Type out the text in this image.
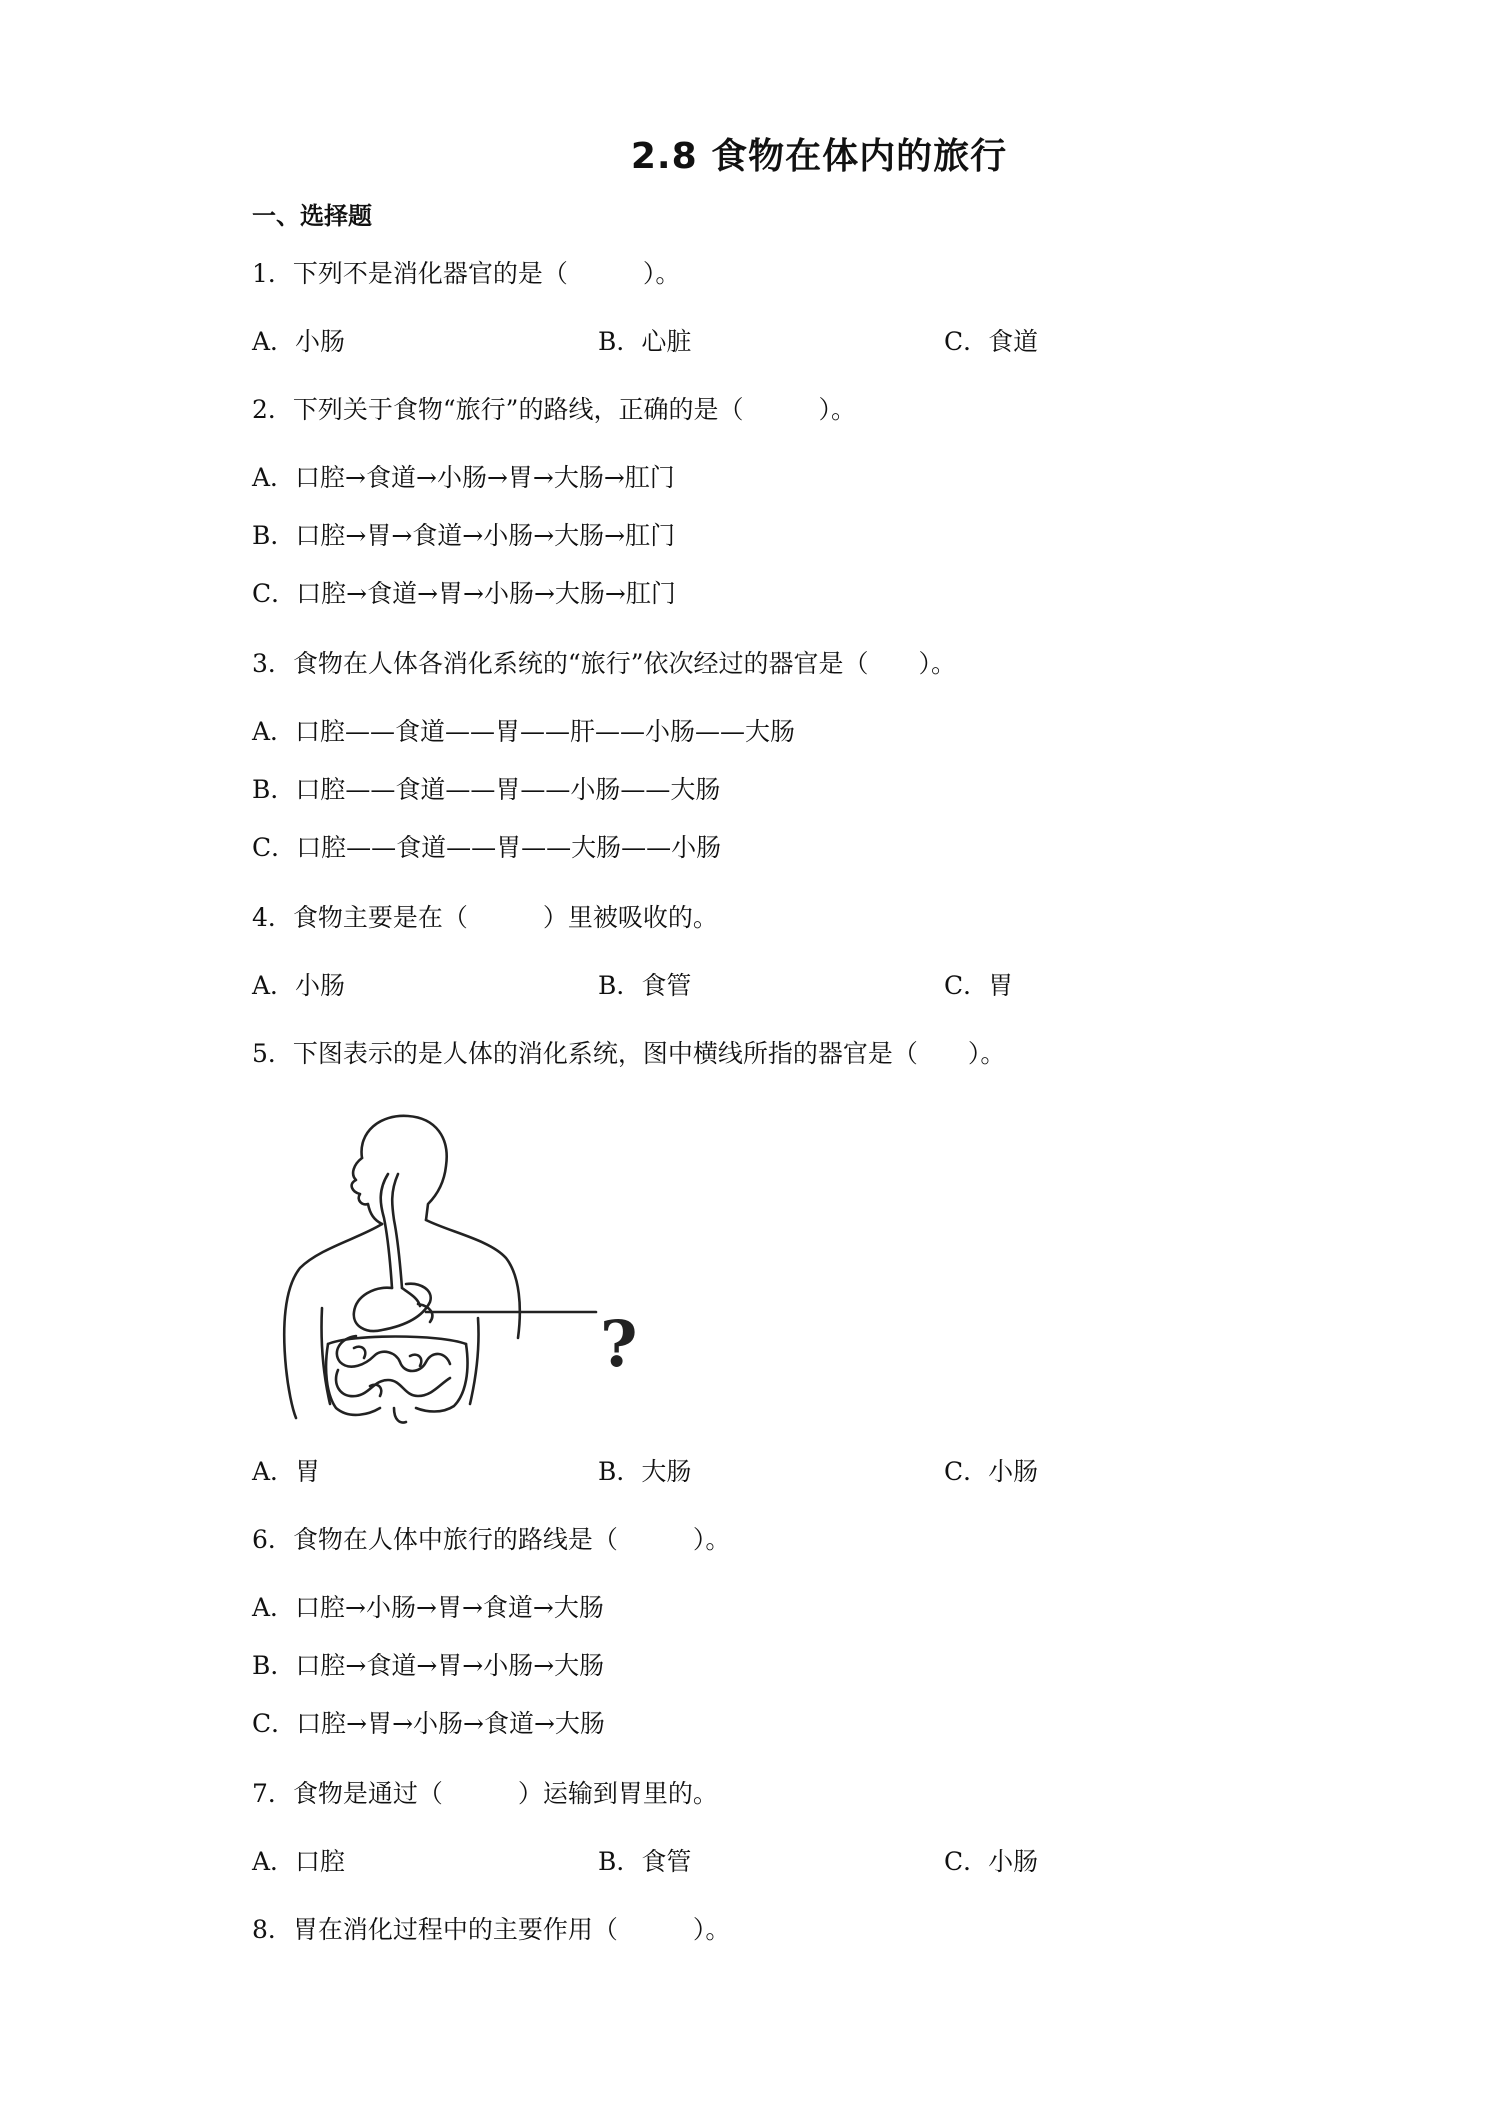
2.8 食物在体内的旅行
一、选择题
1．下列不是消化器官的是（　　　）。
A．小肠	B．心脏	C．食道
2．下列关于食物“旅行”的路线，正确的是（　　　）。
A．口腔→食道→小肠→胃→大肠→肛门
B．口腔→胃→食道→小肠→大肠→肛门
C．口腔→食道→胃→小肠→大肠→肛门
3．食物在人体各消化系统的“旅行”依次经过的器官是（　　）。
A．口腔——食道——胃——肝——小肠——大肠
B．口腔——食道——胃——小肠——大肠
C．口腔——食道——胃——大肠——小肠
4．食物主要是在（　　　）里被吸收的。
A．小肠	B．食管	C．胃
5．下图表示的是人体的消化系统，图中横线所指的器官是（　　）。
?
A．胃	B．大肠	C．小肠
6．食物在人体中旅行的路线是（　　　）。
A．口腔→小肠→胃→食道→大肠
B．口腔→食道→胃→小肠→大肠
C．口腔→胃→小肠→食道→大肠
7．食物是通过（　　　）运输到胃里的。
A．口腔	B．食管	C．小肠
8．胃在消化过程中的主要作用（　　　）。
